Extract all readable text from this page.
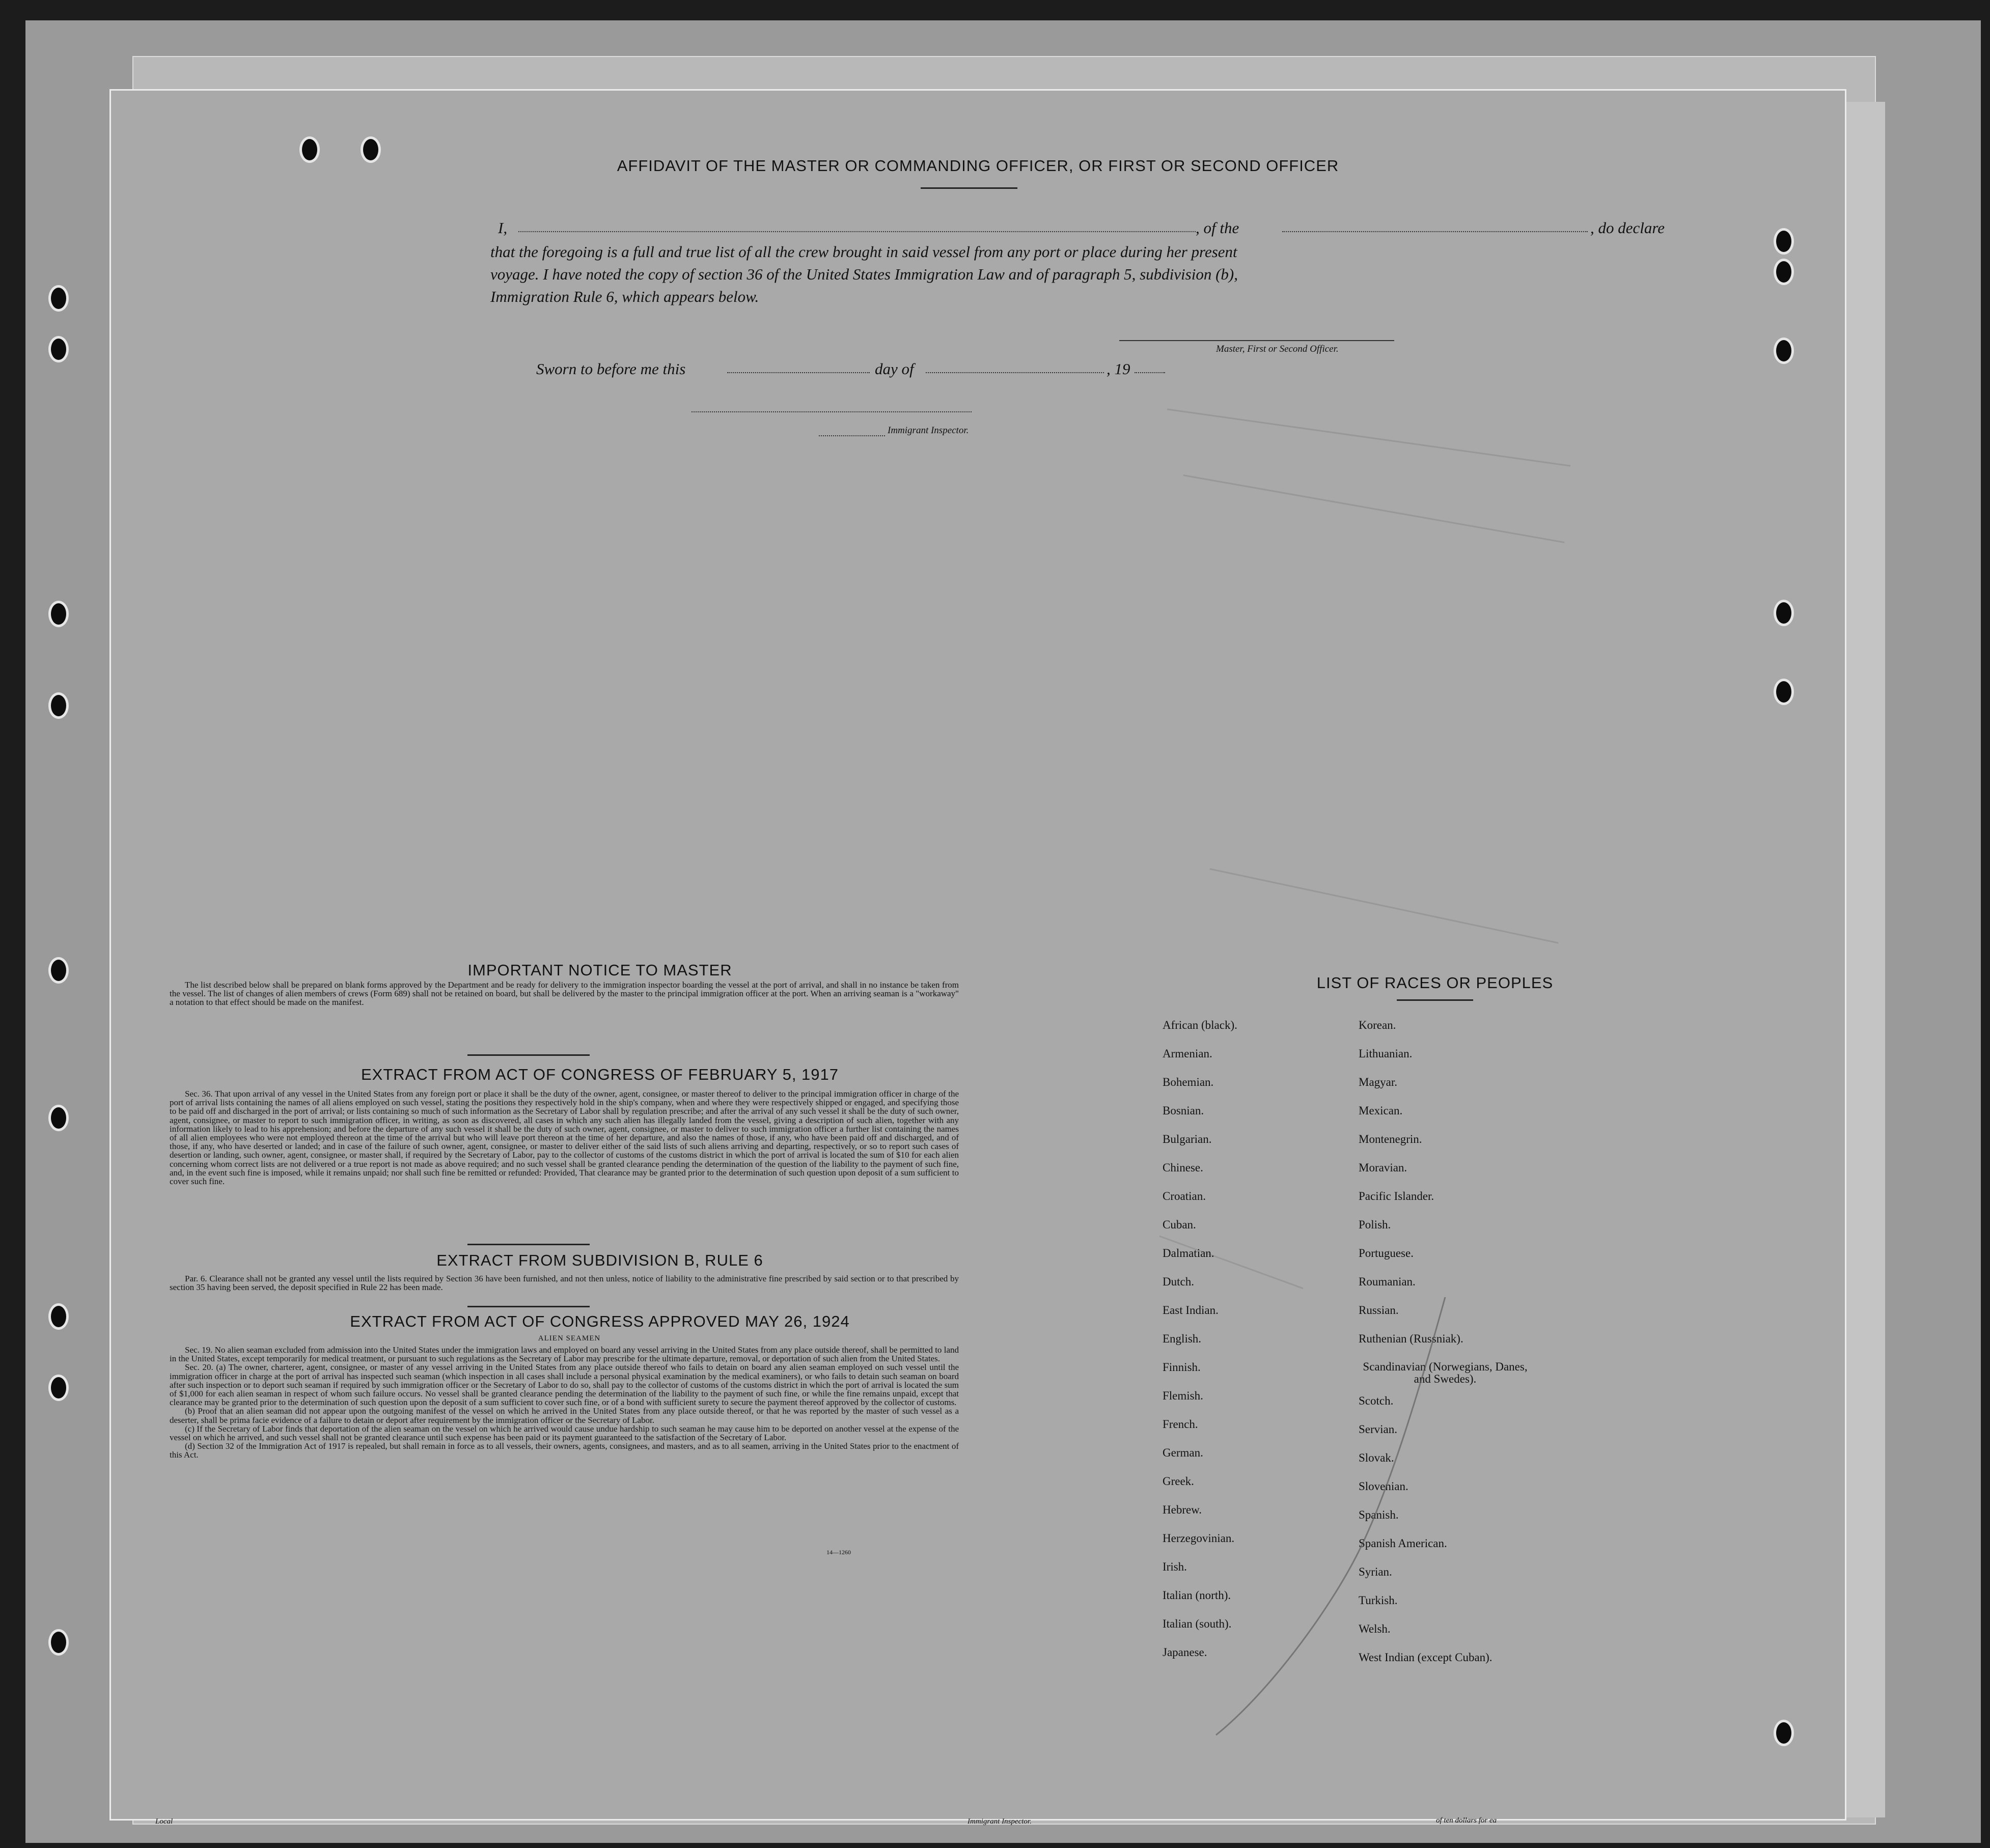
AFFIDAVIT OF THE MASTER OR COMMANDING OFFICER, OR FIRST OR SECOND OFFICER
I,	, of the	, do declare
that the foregoing is a full and true list of all the crew brought in said vessel from any port or place during her present
voyage. I have noted the copy of section 36 of the United States Immigration Law and of paragraph 5, subdivision (b),
Immigration Rule 6, which appears below.
Master, First or Second Officer.
Sworn to before me this	day of	, 19
Immigrant Inspector.
IMPORTANT NOTICE TO MASTER

The list described below shall be prepared on blank forms approved by the Department and be ready for delivery to the immigration inspector boarding the vessel at the port of arrival, and shall in no instance be taken from the vessel. The list of changes of alien members of crews (Form 689) shall not be retained on board, but shall be delivered by the master to the principal immigration officer at the port. When an arriving seaman is a "workaway" a notation to that effect should be made on the manifest.

EXTRACT FROM ACT OF CONGRESS OF FEBRUARY 5, 1917

Sec. 36. That upon arrival of any vessel in the United States from any foreign port or place it shall be the duty of the owner, agent, consignee, or master thereof to deliver to the principal immigration officer in charge of the port of arrival lists containing the names of all aliens employed on such vessel, stating the positions they respectively hold in the ship's company, when and where they were respectively shipped or engaged, and specifying those to be paid off and discharged in the port of arrival; or lists containing so much of such information as the Secretary of Labor shall by regulation prescribe; and after the arrival of any such vessel it shall be the duty of such owner, agent, consignee, or master to report to such immigration officer, in writing, as soon as discovered, all cases in which any such alien has illegally landed from the vessel, giving a description of such alien, together with any information likely to lead to his apprehension; and before the departure of any such vessel it shall be the duty of such owner, agent, consignee, or master to deliver to such immigration officer a further list containing the names of all alien employees who were not employed thereon at the time of the arrival but who will leave port thereon at the time of her departure, and also the names of those, if any, who have been paid off and discharged, and of those, if any, who have deserted or landed; and in case of the failure of such owner, agent, consignee, or master to deliver either of the said lists of such aliens arriving and departing, respectively, or so to report such cases of desertion or landing, such owner, agent, consignee, or master shall, if required by the Secretary of Labor, pay to the collector of customs of the customs district in which the port of arrival is located the sum of $10 for each alien concerning whom correct lists are not delivered or a true report is not made as above required; and no such vessel shall be granted clearance pending the determination of the question of the liability to the payment of such fine, and, in the event such fine is imposed, while it remains unpaid; nor shall such fine be remitted or refunded: Provided, That clearance may be granted prior to the determination of such question upon deposit of a sum sufficient to cover such fine.

EXTRACT FROM SUBDIVISION B, RULE 6

Par. 6. Clearance shall not be granted any vessel until the lists required by Section 36 have been furnished, and not then unless, notice of liability to the administrative fine prescribed by said section or to that prescribed by section 35 having been served, the deposit specified in Rule 22 has been made.

EXTRACT FROM ACT OF CONGRESS APPROVED MAY 26, 1924
ALIEN SEAMEN

Sec. 19. No alien seaman excluded from admission into the United States under the immigration laws and employed on board any vessel arriving in the United States from any place outside thereof, shall be permitted to land in the United States, except temporarily for medical treatment, or pursuant to such regulations as the Secretary of Labor may prescribe for the ultimate departure, removal, or deportation of such alien from the United States.

Sec. 20. (a) The owner, charterer, agent, consignee, or master of any vessel arriving in the United States from any place outside thereof who fails to detain on board any alien seaman employed on such vessel until the immigration officer in charge at the port of arrival has inspected such seaman (which inspection in all cases shall include a personal physical examination by the medical examiners), or who fails to detain such seaman on board after such inspection or to deport such seaman if required by such immigration officer or the Secretary of Labor to do so, shall pay to the collector of customs of the customs district in which the port of arrival is located the sum of $1,000 for each alien seaman in respect of whom such failure occurs. No vessel shall be granted clearance pending the determination of the liability to the payment of such fine, or while the fine remains unpaid, except that clearance may be granted prior to the determination of such question upon the deposit of a sum sufficient to cover such fine, or of a bond with sufficient surety to secure the payment thereof approved by the collector of customs.

(b) Proof that an alien seaman did not appear upon the outgoing manifest of the vessel on which he arrived in the United States from any place outside thereof, or that he was reported by the master of such vessel as a deserter, shall be prima facie evidence of a failure to detain or deport after requirement by the immigration officer or the Secretary of Labor.

(c) If the Secretary of Labor finds that deportation of the alien seaman on the vessel on which he arrived would cause undue hardship to such seaman he may cause him to be deported on another vessel at the expense of the vessel on which he arrived, and such vessel shall not be granted clearance until such expense has been paid or its payment guaranteed to the satisfaction of the Secretary of Labor.

(d) Section 32 of the Immigration Act of 1917 is repealed, but shall remain in force as to all vessels, their owners, agents, consignees, and masters, and as to all seamen, arriving in the United States prior to the enactment of this Act.

14—1260
LIST OF RACES OR PEOPLES
African (black).
Armenian.
Bohemian.
Bosnian.
Bulgarian.
Chinese.
Croatian.
Cuban.
Dalmatian.
Dutch.
East Indian.
English.
Finnish.
Flemish.
French.
German.
Greek.
Hebrew.
Herzegovinian.
Irish.
Italian (north).
Italian (south).
Japanese.
Korean.
Lithuanian.
Magyar.
Mexican.
Montenegrin.
Moravian.
Pacific Islander.
Polish.
Portuguese.
Roumanian.
Russian.
Ruthenian (Russniak).
Scandinavian (Norwegians, Danes, and Swedes).
Scotch.
Servian.
Slovak.
Slovenian.
Spanish.
Spanish American.
Syrian.
Turkish.
Welsh.
West Indian (except Cuban).
Local	Immigrant Inspector.	of ten dollars for ea
